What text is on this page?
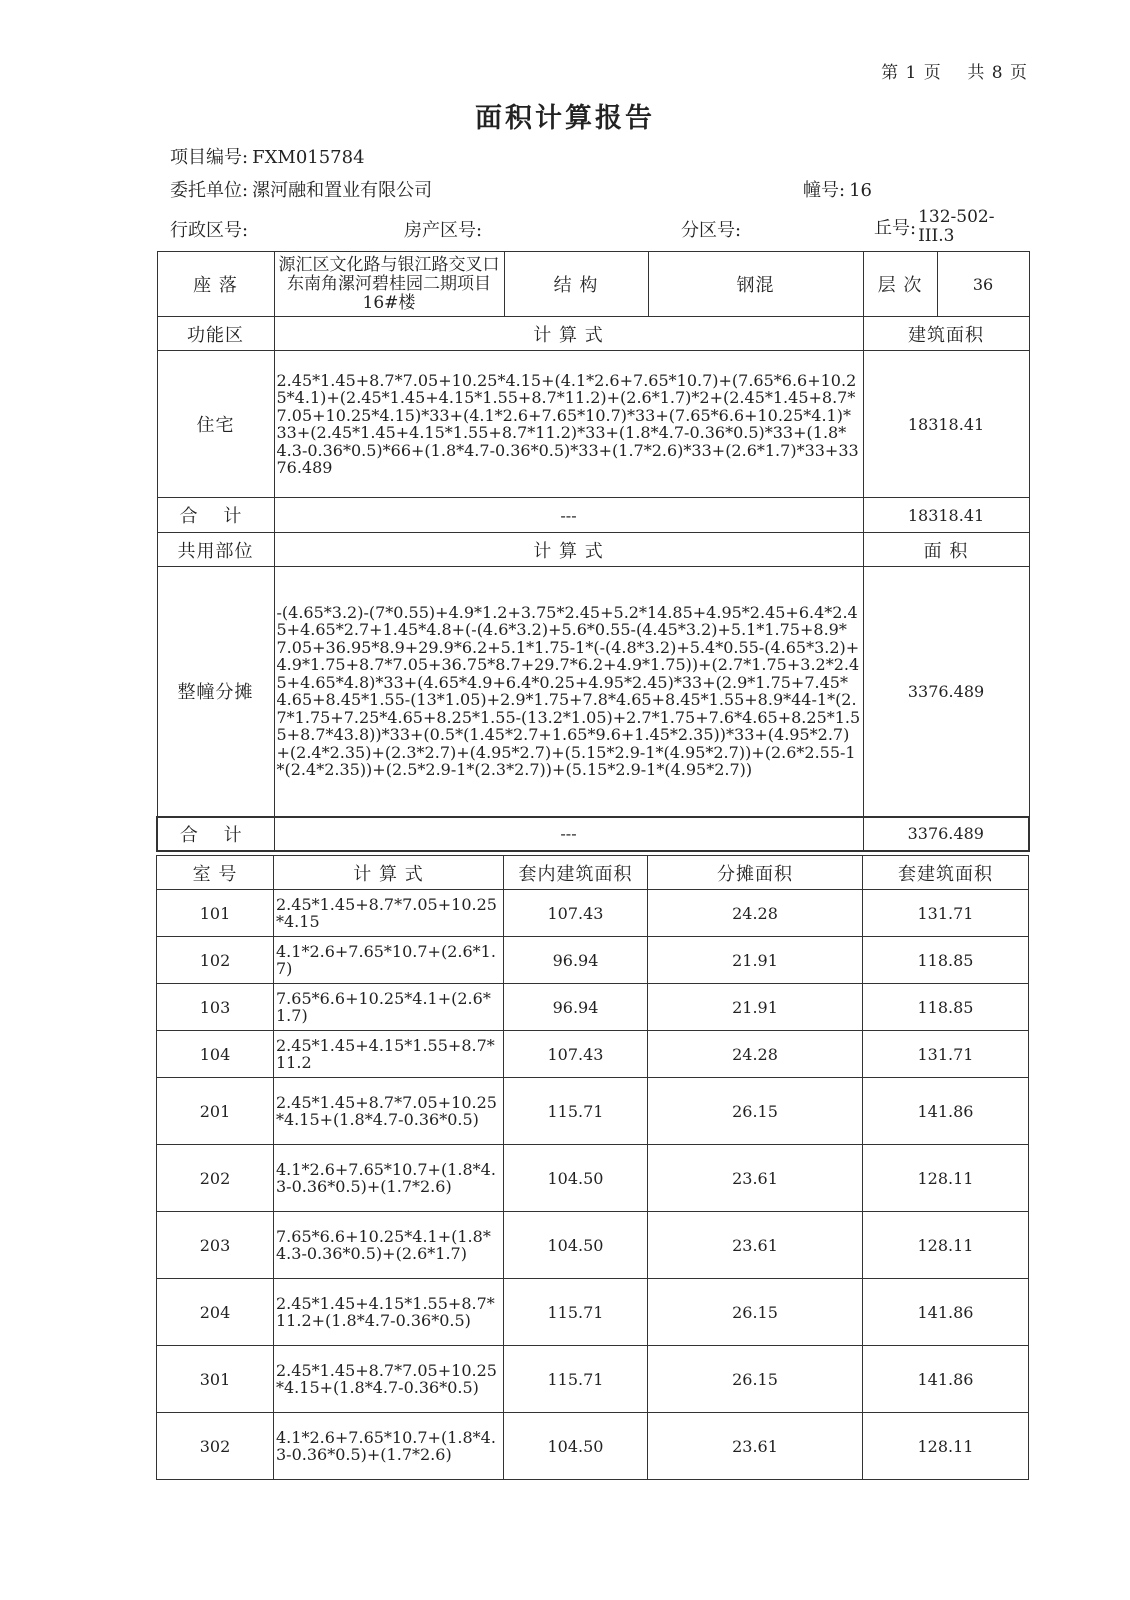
第 1 页 共 8 页
面积计算报告
项目编号: FXM015784
委托单位: 漯河融和置业有限公司	幢号: 16
行政区号:	房产区号:	分区号:	丘号:
132-502-
III.3
座 落	源汇区文化路与银江路交叉口东南角漯河碧桂园二期项目16#楼	结 构	钢混	层 次	36
功能区	计 算 式			建筑面积	
住宅	2.45*1.45+8.7*7.05+10.25*4.15+(4.1*2.6+7.65*10.7)+(7.65*6.6+10.25*4.1)+(2.45*1.45+4.15*1.55+8.7*11.2)+(2.6*1.7)*2+(2.45*1.45+8.7*7.05+10.25*4.15)*33+(4.1*2.6+7.65*10.7)*33+(7.65*6.6+10.25*4.1)*33+(2.45*1.45+4.15*1.55+8.7*11.2)*33+(1.8*4.7-0.36*0.5)*33+(1.8*4.3-0.36*0.5)*66+(1.8*4.7-0.36*0.5)*33+(1.7*2.6)*33+(2.6*1.7)*33+3376.489			18318.41	
合 计	---			18318.41	
共用部位	计 算 式			面 积	
整幢分摊	-(4.65*3.2)-(7*0.55)+4.9*1.2+3.75*2.45+5.2*14.85+4.95*2.45+6.4*2.45+4.65*2.7+1.45*4.8+(-(4.6*3.2)+5.6*0.55-(4.45*3.2)+5.1*1.75+8.9*7.05+36.95*8.9+29.9*6.2+5.1*1.75-1*(-(4.8*3.2)+5.4*0.55-(4.65*3.2)+4.9*1.75+8.7*7.05+36.75*8.7+29.7*6.2+4.9*1.75))+(2.7*1.75+3.2*2.45+4.65*4.8)*33+(4.65*4.9+6.4*0.25+4.95*2.45)*33+(2.9*1.75+7.45*4.65+8.45*1.55-(13*1.05)+2.9*1.75+7.8*4.65+8.45*1.55+8.9*44-1*(2.7*1.75+7.25*4.65+8.25*1.55-(13.2*1.05)+2.7*1.75+7.6*4.65+8.25*1.55+8.7*43.8))*33+(0.5*(1.45*2.7+1.65*9.6+1.45*2.35))*33+(4.95*2.7)+(2.4*2.35)+(2.3*2.7)+(4.95*2.7)+(5.15*2.9-1*(4.95*2.7))+(2.6*2.55-1*(2.4*2.35))+(2.5*2.9-1*(2.3*2.7))+(5.15*2.9-1*(4.95*2.7))			3376.489	
合 计	---			3376.489	
室 号	计 算 式	套内建筑面积	分摊面积	套建筑面积
101	2.45*1.45+8.7*7.05+10.25*4.15	107.43	24.28	131.71
102	4.1*2.6+7.65*10.7+(2.6*1.7)	96.94	21.91	118.85
103	7.65*6.6+10.25*4.1+(2.6*1.7)	96.94	21.91	118.85
104	2.45*1.45+4.15*1.55+8.7*11.2	107.43	24.28	131.71
201	2.45*1.45+8.7*7.05+10.25*4.15+(1.8*4.7-0.36*0.5)	115.71	26.15	141.86
202	4.1*2.6+7.65*10.7+(1.8*4.3-0.36*0.5)+(1.7*2.6)	104.50	23.61	128.11
203	7.65*6.6+10.25*4.1+(1.8*4.3-0.36*0.5)+(2.6*1.7)	104.50	23.61	128.11
204	2.45*1.45+4.15*1.55+8.7*11.2+(1.8*4.7-0.36*0.5)	115.71	26.15	141.86
301	2.45*1.45+8.7*7.05+10.25*4.15+(1.8*4.7-0.36*0.5)	115.71	26.15	141.86
302	4.1*2.6+7.65*10.7+(1.8*4.3-0.36*0.5)+(1.7*2.6)	104.50	23.61	128.11
